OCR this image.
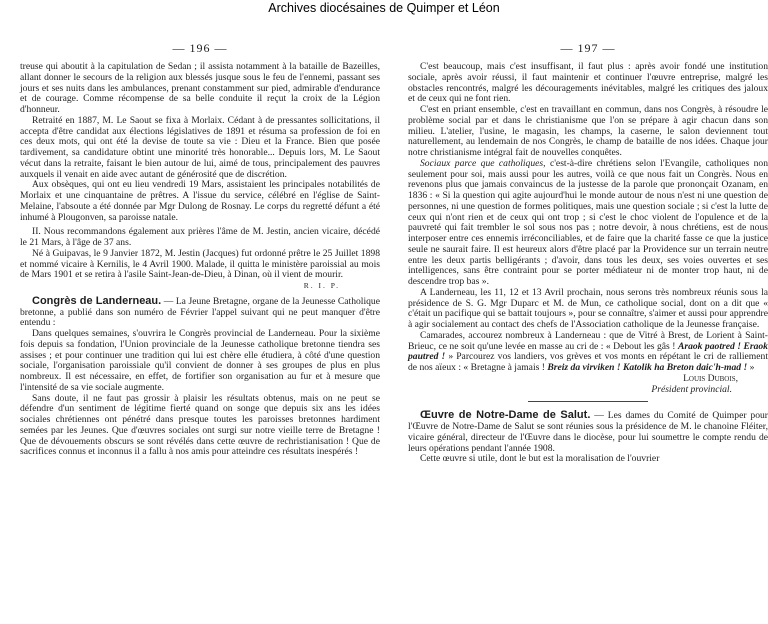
Archives diocésaines de Quimper et Léon
— 196 —

treuse qui aboutit à la capitulation de Sedan ; il assista notamment à la bataille de Bazeilles, allant donner le secours de la religion aux blessés jusque sous le feu de l'ennemi, passant ses jours et ses nuits dans les ambulances, prenant constamment sur pied, admirable d'endurance et de courage. Comme récompense de sa belle conduite il reçut la croix de la Légion d'honneur.

Retraité en 1887, M. Le Saout se fixa à Morlaix. Cédant à de pressantes sollicitations, il accepta d'être candidat aux élections législatives de 1891 et résuma sa profession de foi en ces deux mots, qui ont été la devise de toute sa vie : Dieu et la France. Bien que posée tardivement, sa candidature obtint une minorité très honorable... Depuis lors, M. Le Saout vécut dans la retraite, faisant le bien autour de lui, aimé de tous, principalement des pauvres auxquels il venait en aide avec autant de générosité que de discrétion.

Aux obsèques, qui ont eu lieu vendredi 19 Mars, assistaient les principales notabilités de Morlaix et une cinquantaine de prêtres. A l'issue du service, célébré en l'église de Saint-Melaine, l'absoute a été donnée par Mgr Dulong de Rosnay. Le corps du regretté défunt a été inhumé à Plougonven, sa paroisse natale.

II. Nous recommandons également aux prières l'âme de M. Jestin, ancien vicaire, décédé le 21 Mars, à l'âge de 37 ans.

Né à Guipavas, le 9 Janvier 1872, M. Jestin (Jacques) fut ordonné prêtre le 25 Juillet 1898 et nommé vicaire à Kernilis, le 4 Avril 1900. Malade, il quitta le ministère paroissial au mois de Mars 1901 et se retira à l'asile Saint-Jean-de-Dieu, à Dinan, où il vient de mourir.

R. I. P.

Congrès de Landerneau. — La Jeune Bretagne, organe de la Jeunesse Catholique bretonne, a publié dans son numéro de Février l'appel suivant qui ne peut manquer d'être entendu :

Dans quelques semaines, s'ouvrira le Congrès provincial de Landerneau. Pour la sixième fois depuis sa fondation, l'Union provinciale de la Jeunesse catholique bretonne tiendra ses assises ; et pour continuer une tradition qui lui est chère elle étudiera, à côté d'une question sociale, l'organisation paroissiale qu'il convient de donner à ses groupes de plus en plus nombreux. Il est nécessaire, en effet, de fortifier son organisation au fur et à mesure que l'intensité de sa vie sociale augmente.

Sans doute, il ne faut pas grossir à plaisir les résultats obtenus, mais on ne peut se défendre d'un sentiment de légitime fierté quand on songe que depuis six ans les idées sociales chrétiennes ont pénétré dans presque toutes les paroisses bretonnes hardiment semées par les Jeunes. Que d'œuvres sociales ont surgi sur notre vieille terre de Bretagne ! Que de dévouements obscurs se sont révélés dans cette œuvre de rechristianisation ! Que de sacrifices connus et inconnus il a fallu à nos amis pour atteindre ces résultats inespérés !

— 197 —

C'est beaucoup, mais c'est insuffisant, il faut plus : après avoir fondé une institution sociale, après avoir réussi, il faut maintenir et continuer l'œuvre entreprise, malgré les obstacles rencontrés, malgré les découragements inévitables, malgré les critiques des jaloux et de ceux qui ne font rien.

C'est en priant ensemble, c'est en travaillant en commun, dans nos Congrès, à résoudre le problème social par et dans le christianisme que l'on se prépare à agir chacun dans son milieu. L'atelier, l'usine, le magasin, les champs, la caserne, le salon deviennent tout naturellement, au lendemain de nos Congrès, le champ de bataille de nos idées. Chaque jour notre christianisme intégral fait de nouvelles conquêtes.

Sociaux parce que catholiques, c'est-à-dire chrétiens selon l'Evangile, catholiques non seulement pour soi, mais aussi pour les autres, voilà ce que nous fait un Congrès. Nous en revenons plus que jamais convaincus de la justesse de la parole que prononçait Ozanam, en 1836 : « Si la question qui agite aujourd'hui le monde autour de nous n'est ni une question de personnes, ni une question de formes politiques, mais une question sociale ; si c'est la lutte de ceux qui n'ont rien et de ceux qui ont trop ; si c'est le choc violent de l'opulence et de la pauvreté qui fait trembler le sol sous nos pas ; notre devoir, à nous chrétiens, est de nous interposer entre ces ennemis irréconciliables, et de faire que la charité fasse ce que la justice seule ne saurait faire. Il est heureux alors d'être placé par la Providence sur un terrain neutre entre les deux partis belligérants ; d'avoir, dans tous les deux, ses voies ouvertes et ses intelligences, sans être contraint pour se porter médiateur ni de monter trop haut, ni de descendre trop bas ».

A Landerneau, les 11, 12 et 13 Avril prochain, nous serons très nombreux réunis sous la présidence de S. G. Mgr Duparc et M. de Mun, ce catholique social, dont on a dit que « c'était un pacifique qui se battait toujours », pour se connaître, s'aimer et aussi pour apprendre à agir socialement au contact des chefs de l'Association catholique de la Jeunesse française.

Camarades, accourez nombreux à Landerneau : que de Vitré à Brest, de Lorient à Saint-Brieuc, ce ne soit qu'une levée en masse au cri de : « Debout les gâs ! Araok paotred ! Eraok pautred ! » Parcourez vos landiers, vos grèves et vos monts en répétant le cri de ralliement de nos aïeux : « Bretagne à jamais ! Breiz da virviken ! Katolik ha Breton daic'h-mad ! »

Louis Dubois,
Président provincial.

Œuvre de Notre-Dame de Salut. — Les dames du Comité de Quimper pour l'Œuvre de Notre-Dame de Salut se sont réunies sous la présidence de M. le chanoine Fléiter, vicaire général, directeur de l'Œuvre dans le diocèse, pour lui soumettre le compte rendu de leurs opérations pendant l'année 1908.

Cette œuvre si utile, dont le but est la moralisation de l'ouvrier
